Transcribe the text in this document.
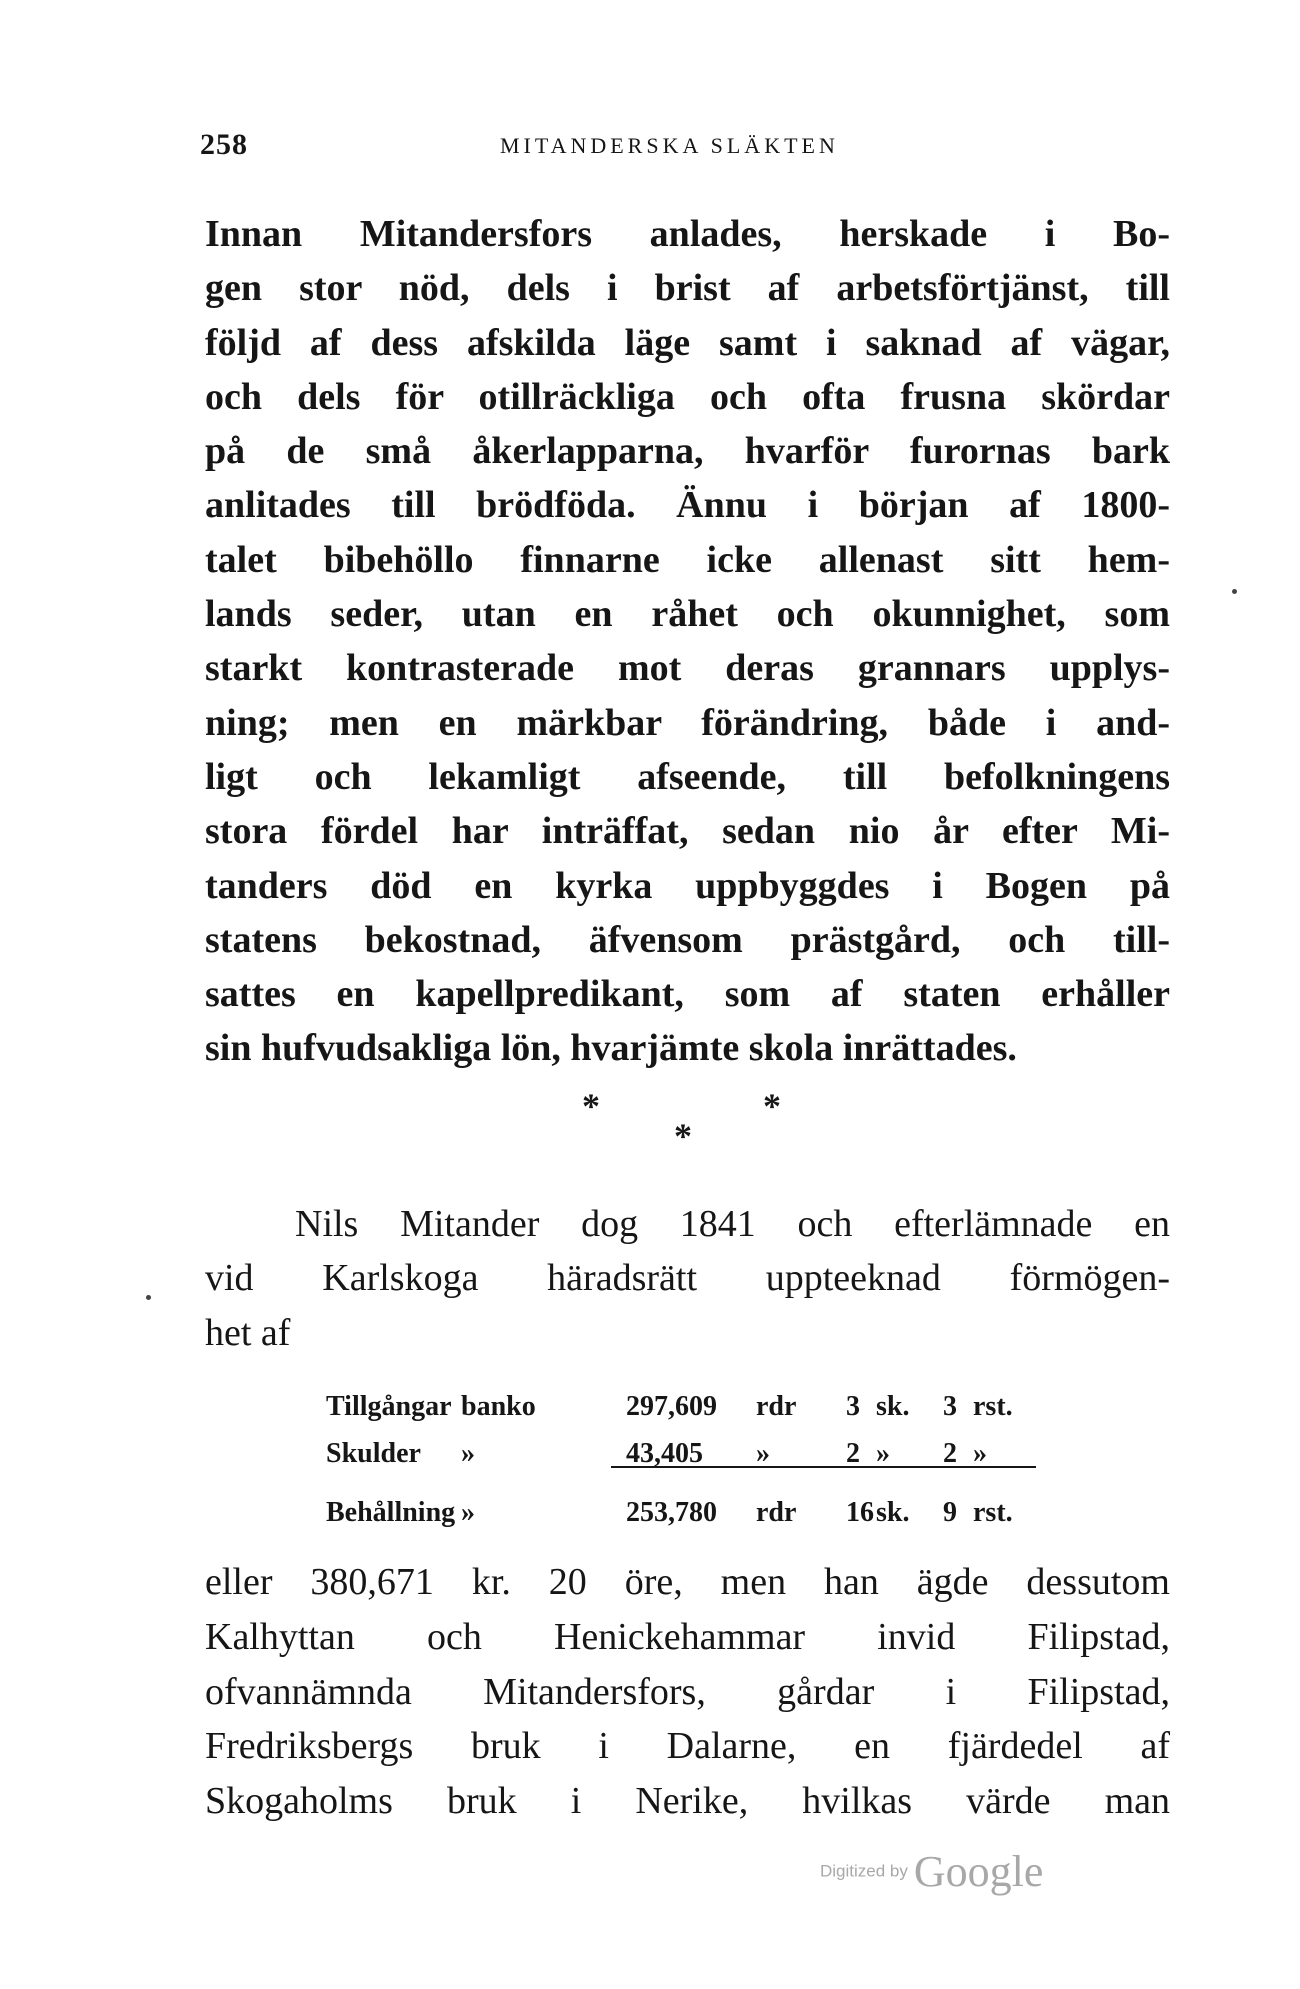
258	MITANDERSKA SLÄKTEN
Innan Mitandersfors anlades, herskade i Bo-
gen stor nöd, dels i brist af arbetsförtjänst, till
följd af dess afskilda läge samt i saknad af vägar,
och dels för otillräckliga och ofta frusna skördar
på de små åkerlapparna, hvarför furornas bark
anlitades till brödföda. Ännu i början af 1800-
talet bibehöllo finnarne icke allenast sitt hem-
lands seder, utan en råhet och okunnighet, som
starkt kontrasterade mot deras grannars upplys-
ning; men en märkbar förändring, både i and-
ligt och lekamligt afseende, till befolkningens
stora fördel har inträffat, sedan nio år efter Mi-
tanders död en kyrka uppbyggdes i Bogen på
statens bekostnad, äfvensom prästgård, och till-
sattes en kapellpredikant, som af staten erhåller
sin hufvudsakliga lön, hvarjämte skola inrättades.
*	*
*
Nils Mitander dog 1841 och efterlämnade en
vid Karlskoga häradsrätt uppteeknad förmögen-
het af
Tillgångar banko	297,609 rdr 3 sk. 3 rst.
Skulder »	43,405 »	2 » 2 »
Behållning »	253,780 rdr 16 sk. 9 rst.
eller 380,671 kr. 20 öre, men han ägde dessutom
Kalhyttan och Henickehammar invid Filipstad,
ofvannämnda Mitandersfors, gårdar i Filipstad,
Fredriksbergs bruk i Dalarne, en fjärdedel af
Skogaholms bruk i Nerike, hvilkas värde man
Digitized by Google
